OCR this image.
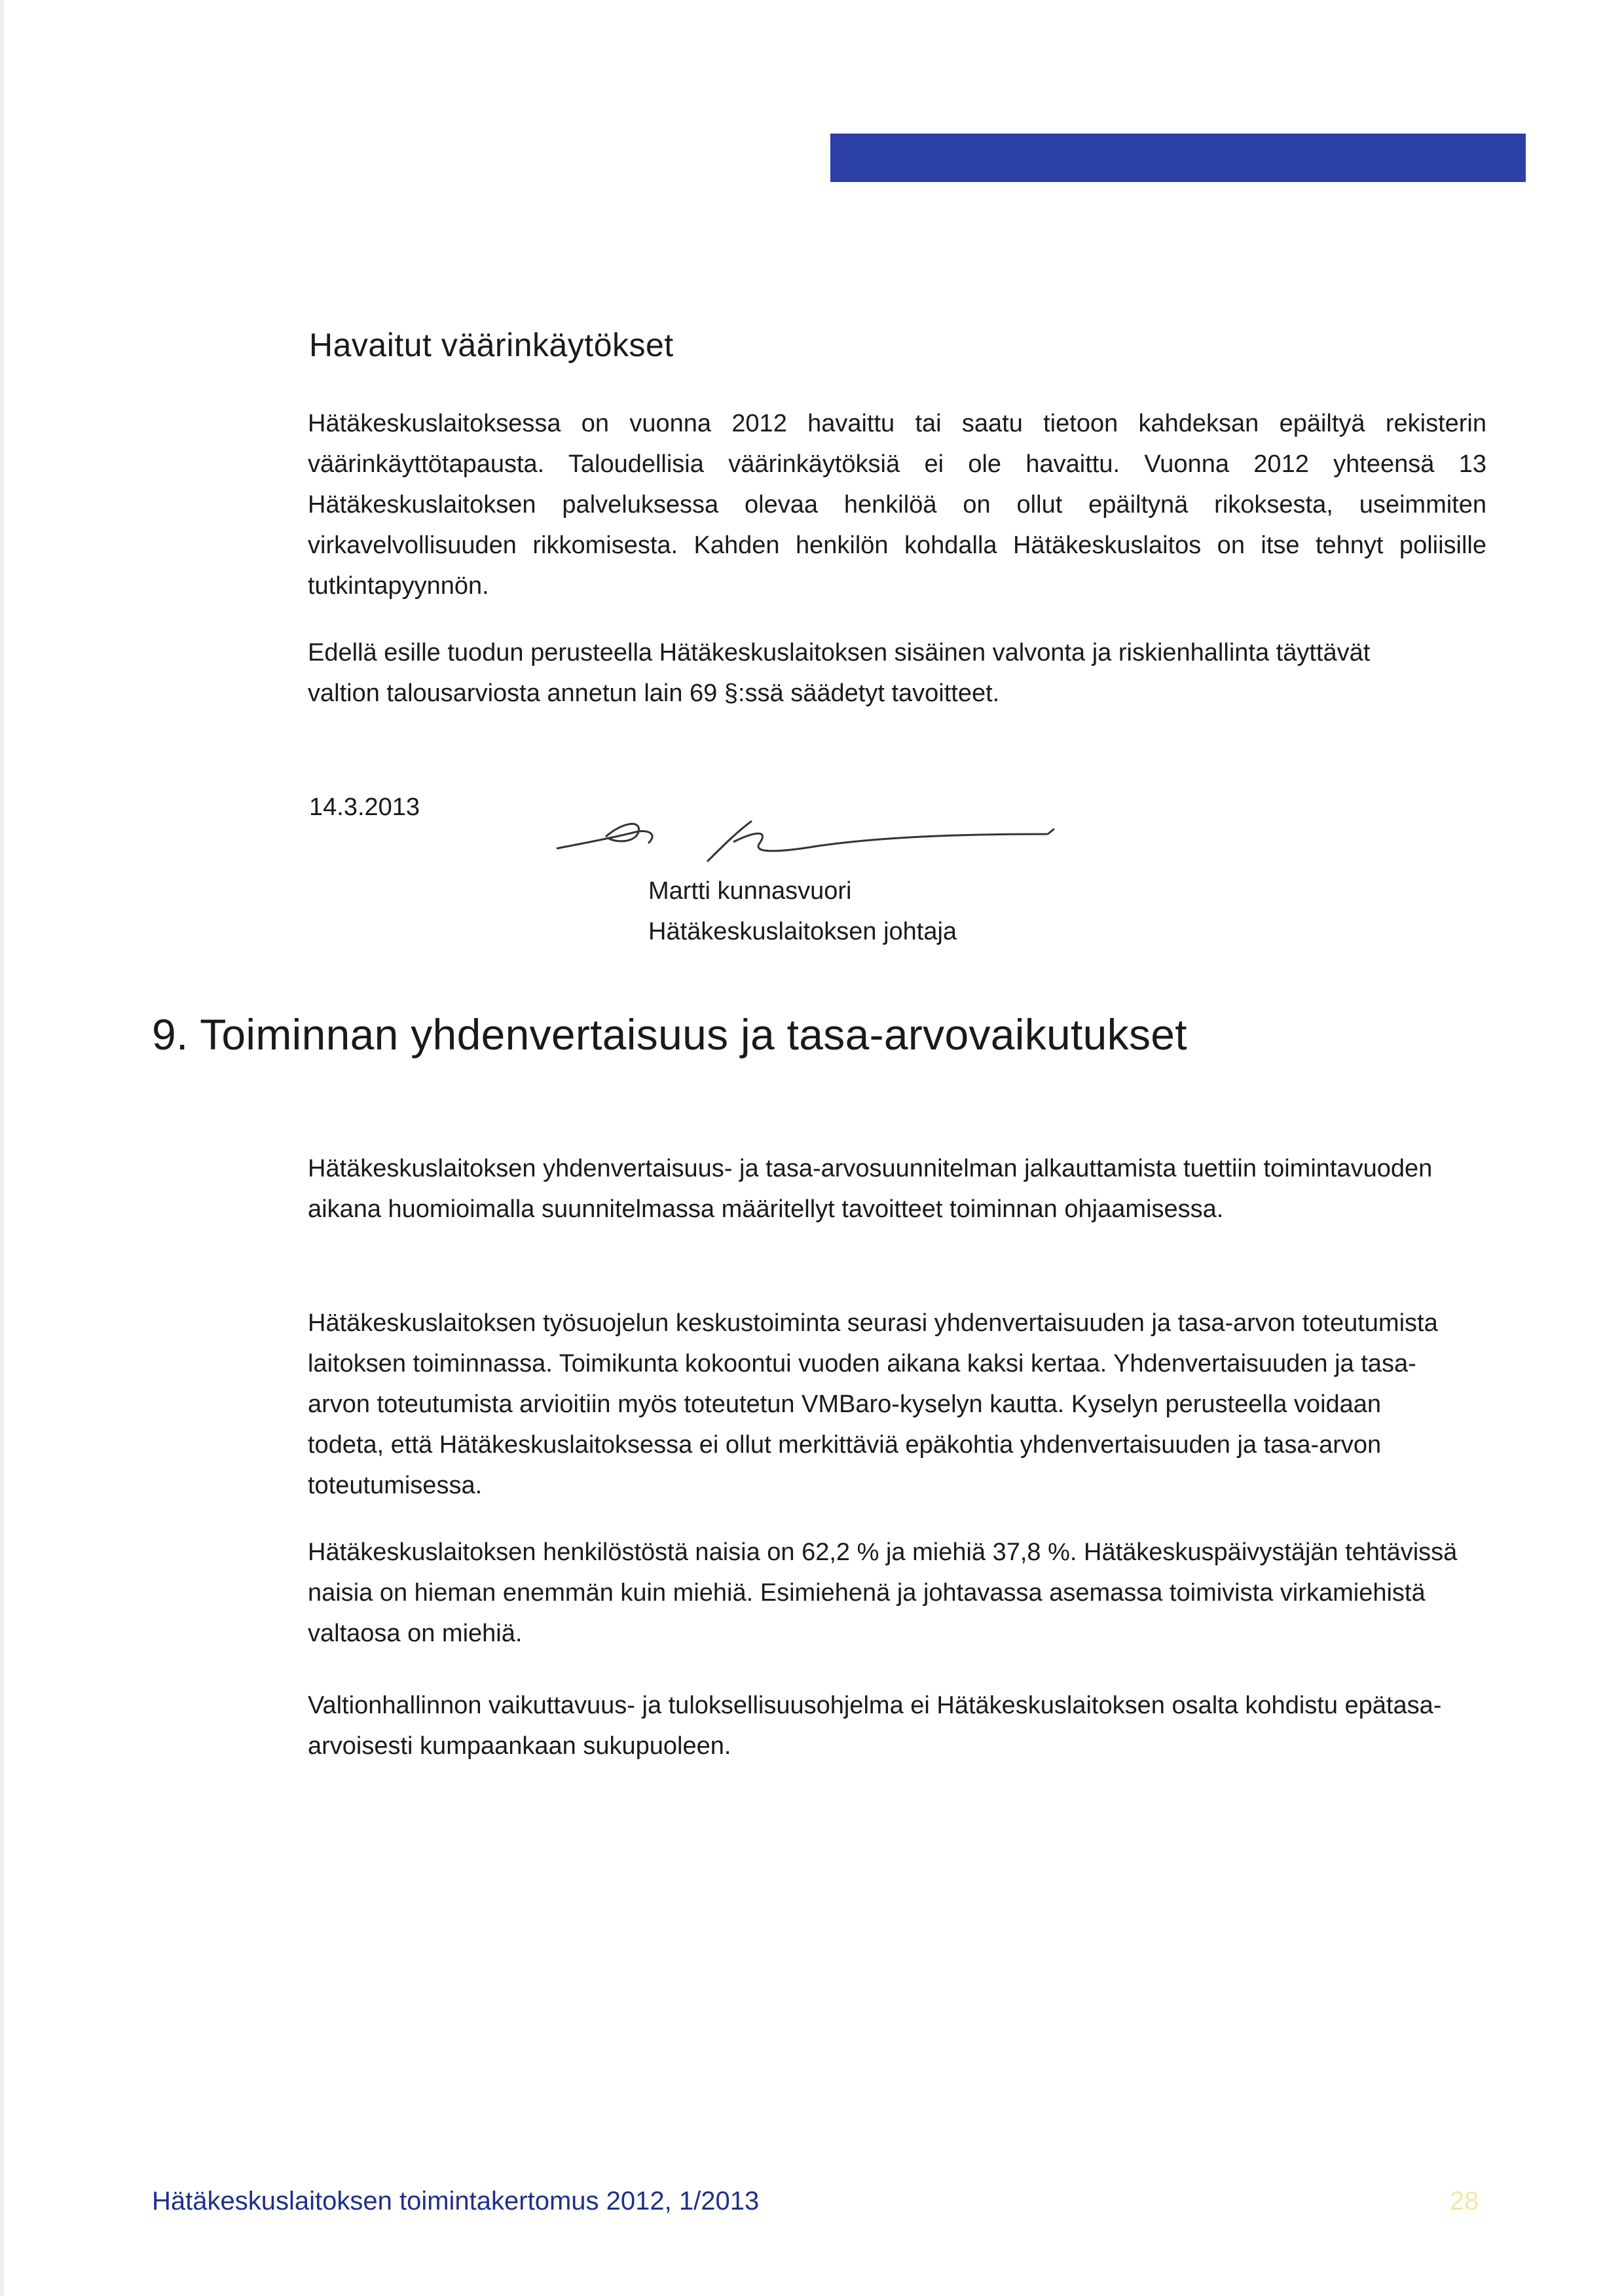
Havaitut väärinkäytökset

Hätäkeskuslaitoksessa on vuonna 2012 havaittu tai saatu tietoon kahdeksan epäiltyä rekisterin väärinkäyttötapausta. Taloudellisia väärinkäytöksiä ei ole havaittu. Vuonna 2012 yhteensä 13 Hätäkeskuslaitoksen palveluksessa olevaa henkilöä on ollut epäiltynä rikoksesta, useimmiten virkavelvollisuuden rikkomisesta. Kahden henkilön kohdalla Hätäkeskuslaitos on itse tehnyt poliisille tutkintapyynnön.

Edellä esille tuodun perusteella Hätäkeskuslaitoksen sisäinen valvonta ja riskienhallinta täyttävät valtion talousarviosta annetun lain 69 §:ssä säädetyt tavoitteet.

14.3.2013
Martti kunnasvuori
Hätäkeskuslaitoksen johtaja
9. Toiminnan yhdenvertaisuus ja tasa-arvovaikutukset

Hätäkeskuslaitoksen yhdenvertaisuus- ja tasa-arvosuunnitelman jalkauttamista tuettiin toimintavuoden aikana huomioimalla suunnitelmassa määritellyt tavoitteet toiminnan ohjaamisessa.

Hätäkeskuslaitoksen työsuojelun keskustoiminta seurasi yhdenvertaisuuden ja tasa-arvon toteutumista laitoksen toiminnassa. Toimikunta kokoontui vuoden aikana kaksi kertaa. Yhdenvertaisuuden ja tasa-arvon toteutumista arvioitiin myös toteutetun VMBaro-kyselyn kautta. Kyselyn perusteella voidaan todeta, että Hätäkeskuslaitoksessa ei ollut merkittäviä epäkohtia yhdenvertaisuuden ja tasa-arvon toteutumisessa.

Hätäkeskuslaitoksen henkilöstöstä naisia on 62,2 % ja miehiä 37,8 %. Hätäkeskuspäivystäjän tehtävissä naisia on hieman enemmän kuin miehiä. Esimiehenä ja johtavassa asemassa toimivista virkamiehistä valtaosa on miehiä.

Valtionhallinnon vaikuttavuus- ja tuloksellisuusohjelma ei Hätäkeskuslaitoksen osalta kohdistu epätasa-arvoisesti kumpaankaan sukupuoleen.

Hätäkeskuslaitoksen toimintakertomus 2012, 1/2013	28
